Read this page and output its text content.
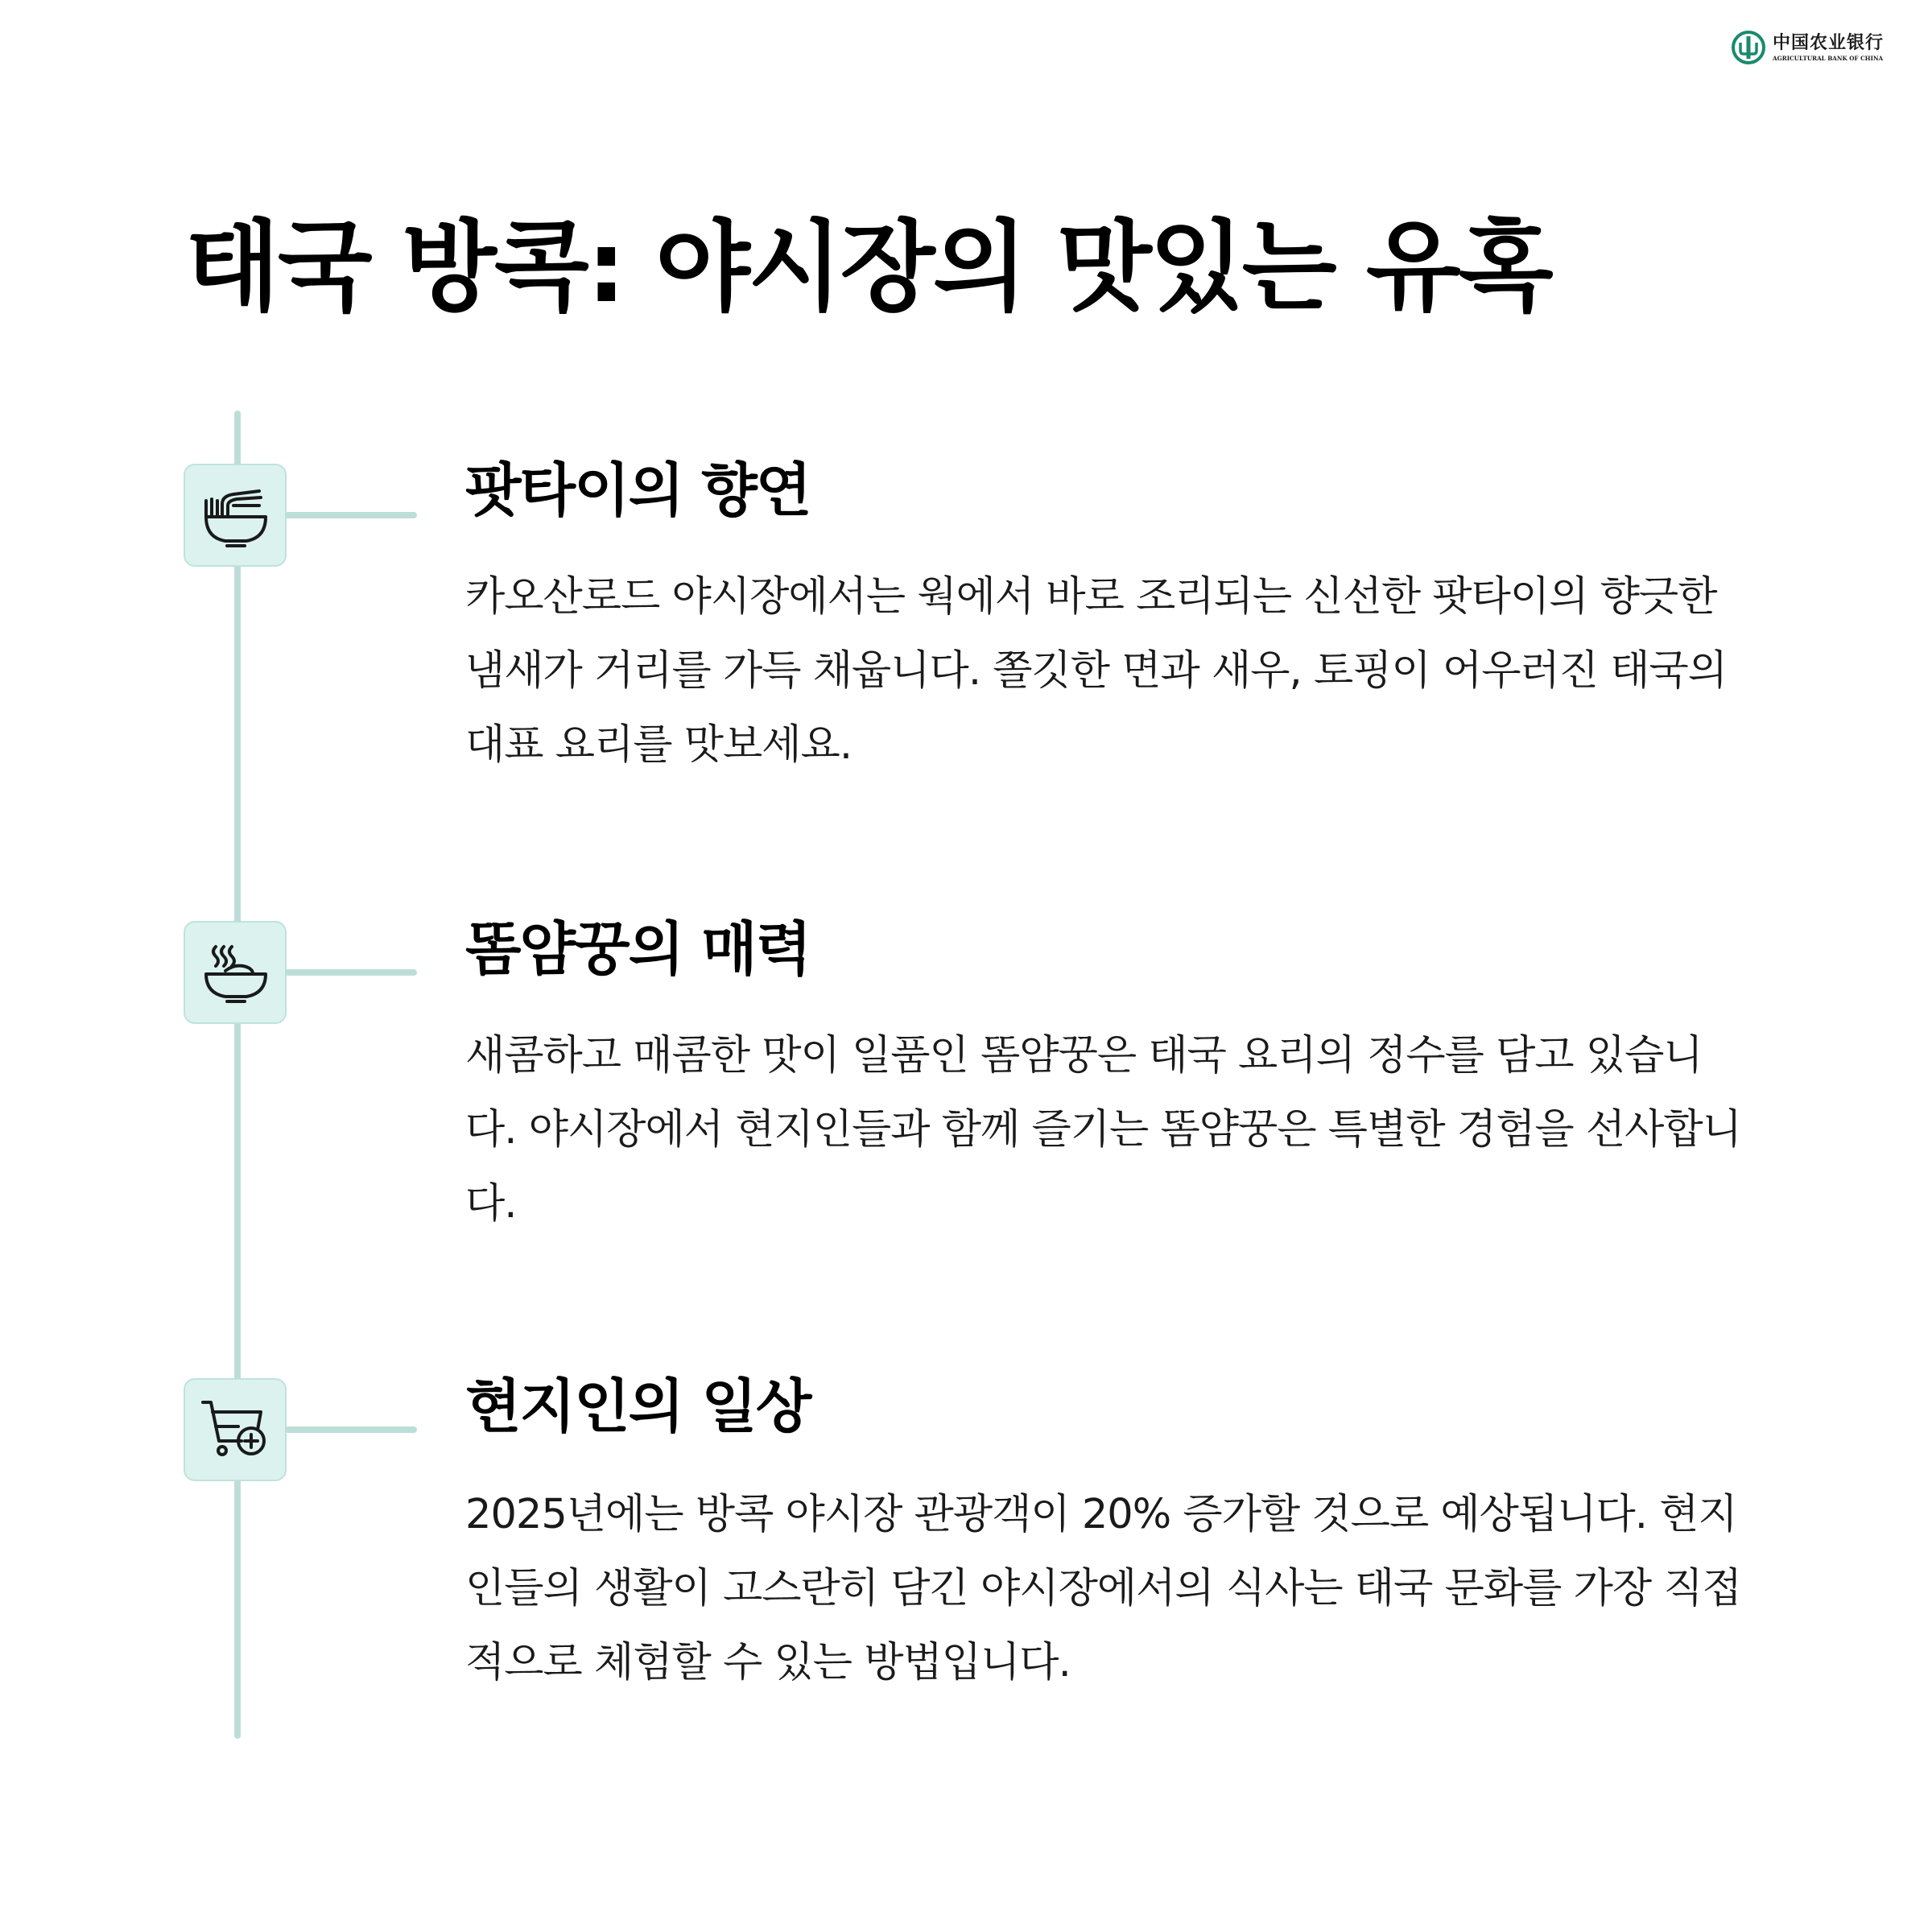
中国农业银行
AGRICULTURAL BANK OF CHINA
태국 방콕: 야시장의 맛있는 유혹
팟타이의 향연

카오산로드 야시장에서는 웍에서 바로 조리되는 신선한 팟타이의 향긋한 냄새가 거리를 가득 채웁니다. 쫄깃한 면과 새우, 토핑이 어우러진 태국의 대표 요리를 맛보세요.

똠얌꿍의 매력

새콤하고 매콤한 맛이 일품인 똠얌꿍은 태국 요리의 정수를 담고 있습니다. 야시장에서 현지인들과 함께 즐기는 똠얌꿍은 특별한 경험을 선사합니다.

현지인의 일상

2025년에는 방콕 야시장 관광객이 20% 증가할 것으로 예상됩니다. 현지인들의 생활이 고스란히 담긴 야시장에서의 식사는 태국 문화를 가장 직접적으로 체험할 수 있는 방법입니다.
